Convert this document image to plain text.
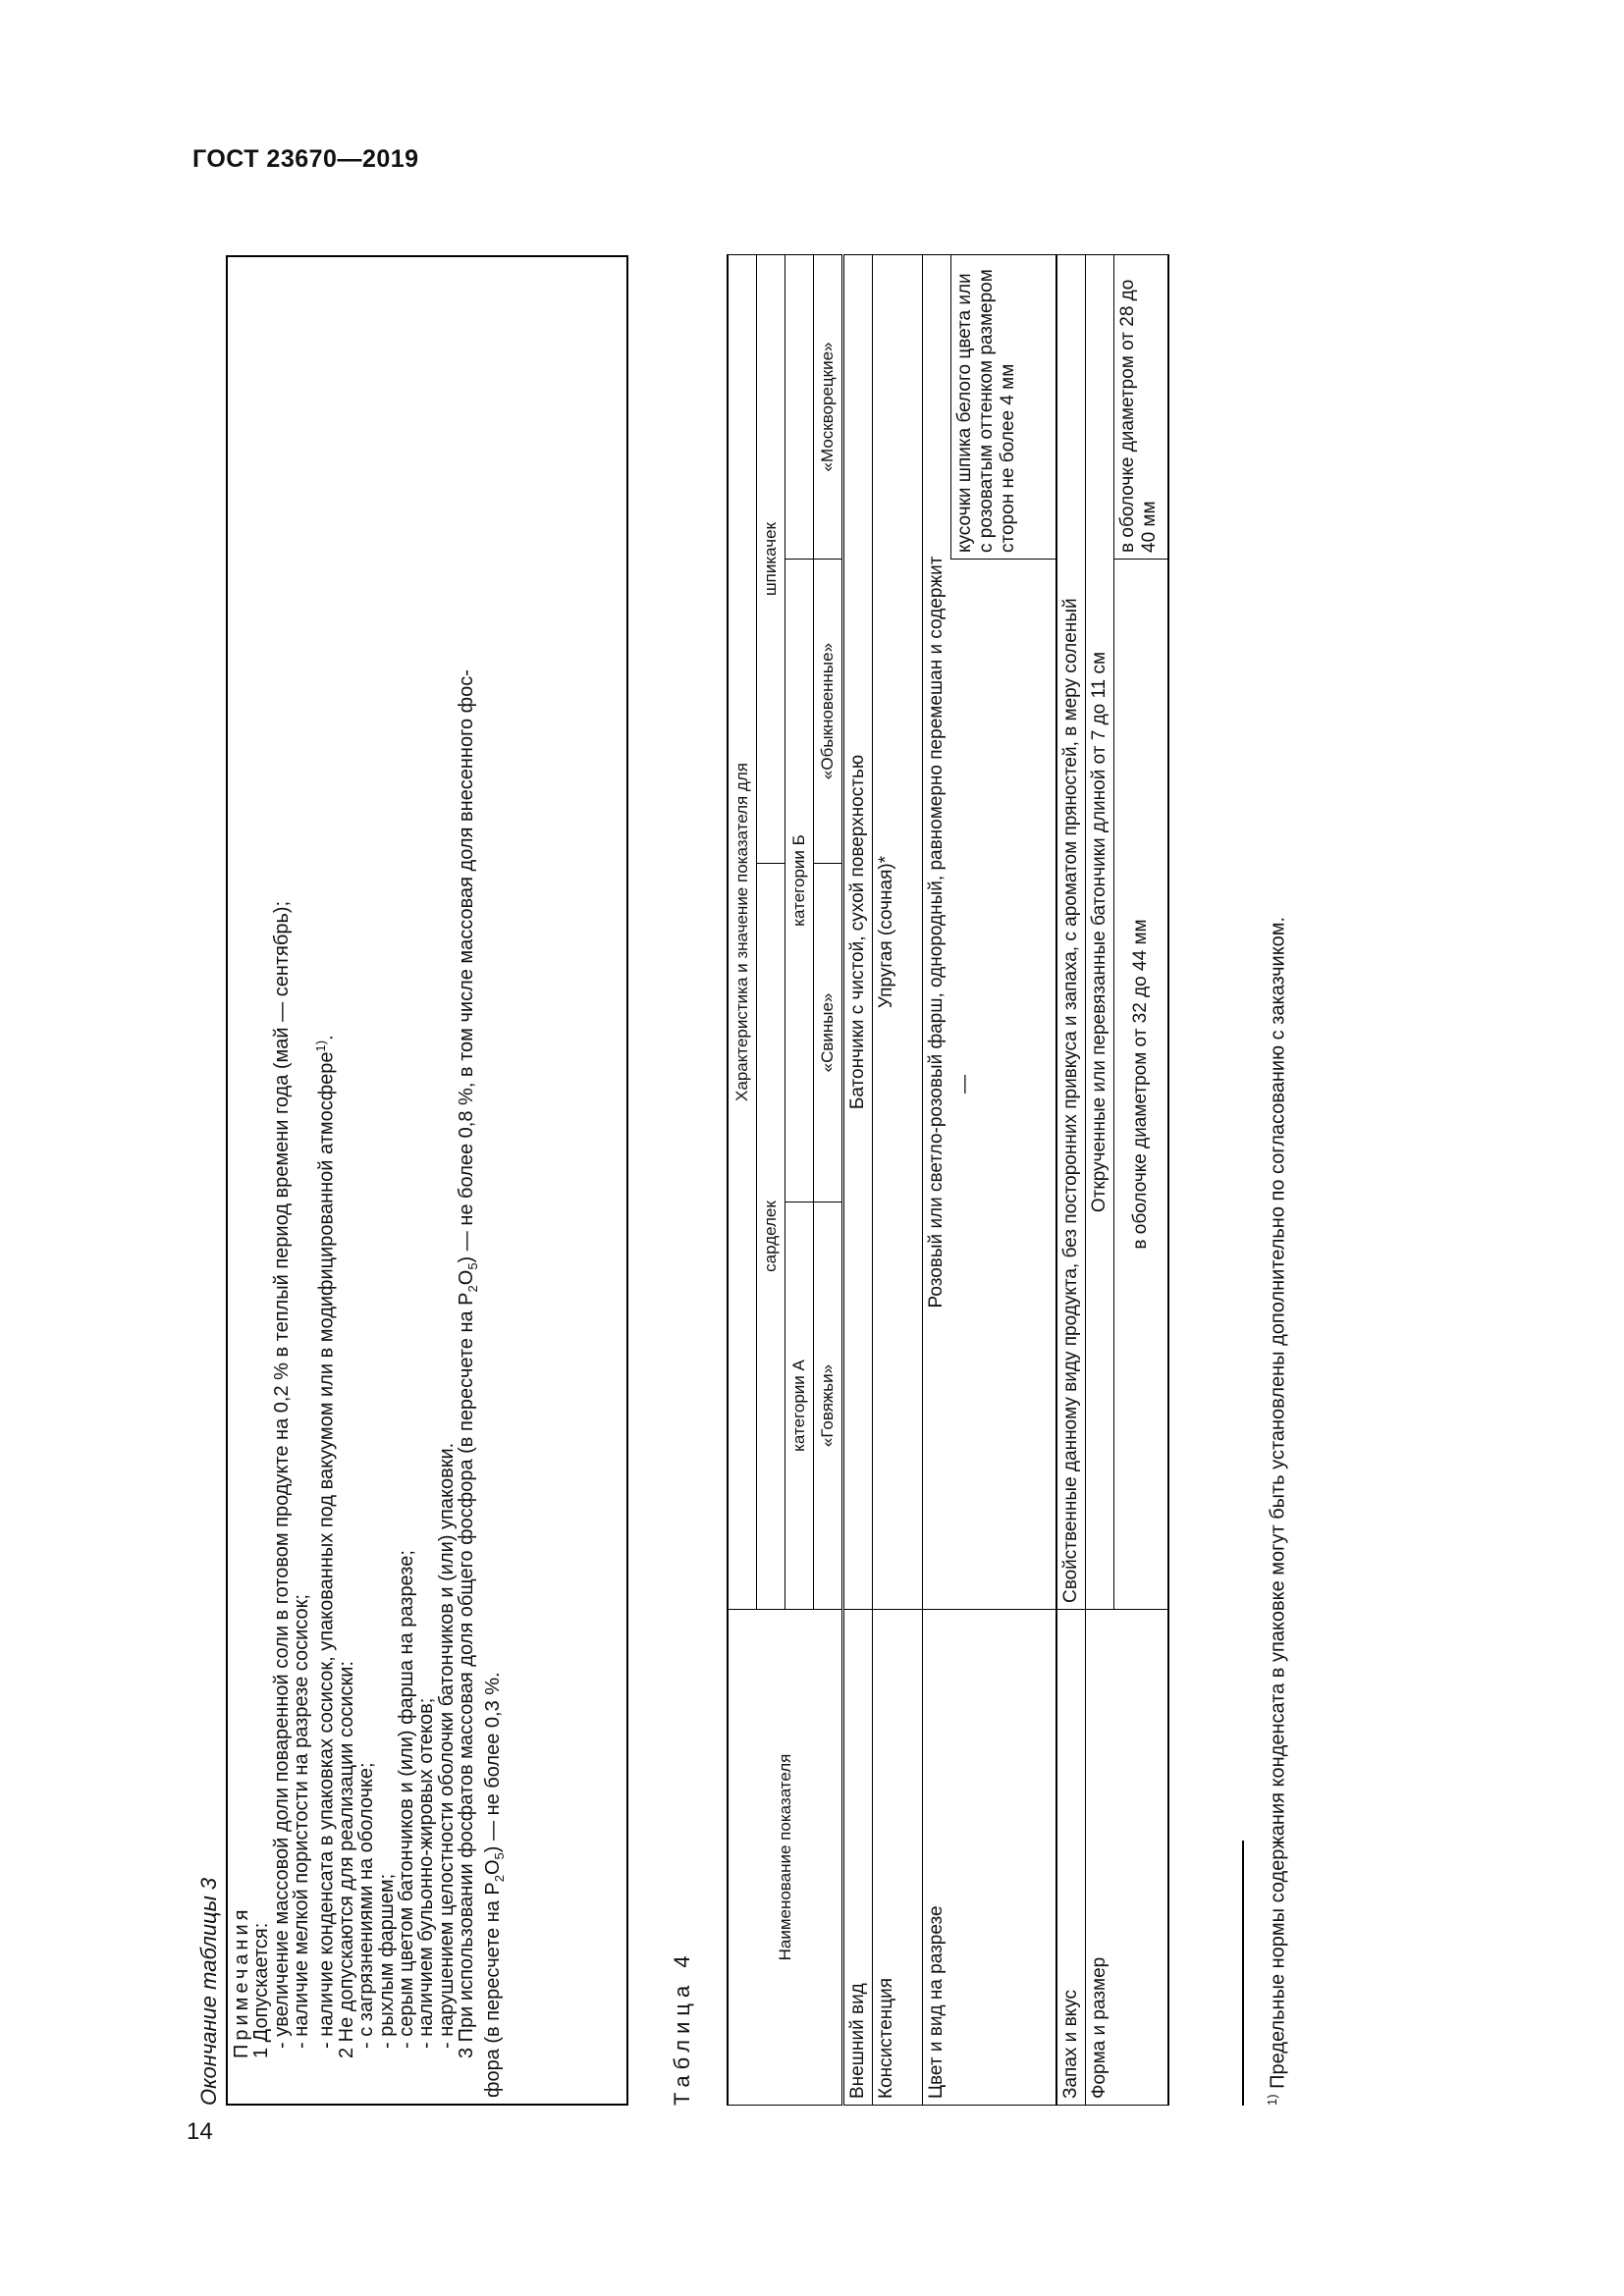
ГОСТ 23670—2019
14
Окончание таблицы 3 Примечания
1 Допускается:
- увеличение массовой доли поваренной соли в готовом продукте на 0,2 % в теплый период времени года (май — сентябрь);
- наличие мелкой пористости на разрезе сосисок; - наличие конденсата в упаковках сосисок, упакованных под вакуумом или в модифицированной атмосфере$^{1)}$.
2 Не допускаются для реализации сосиски:
- с загрязнениями на оболочке;
- рыхлым фаршем;
- серым цветом батончиков и (или) фарша на разрезе;
- наличием бульонно-жировых отеков;
- нарушением целостности оболочки батончиков и (или) упаковки.
3 При использовании фосфатов массовая доля общего фосфора (в пересчете на $P_2O_5$) — не более 0,8 %, в том числе массовая доля внесенного фос-
фора (в пересчете на $P_2O_5$) — не более 0,3 %.
Таблица 4
Наименование показателя	Характеристика и значение показателя для			
	сарделек		шпикачек	
	категории А	категории Б		
	«Говяжьи»	«Свиные»	«Обыкновенные»	«Москворецкие»
Внешний вид	Батончики с чистой, сухой поверхностью			
Консистенция	Упругая (сочная)*			
Цвет и вид на разрезе	Розовый или светло-розовый фарш, однородный, равномерно перемешан и содержит			
	—			кусочки шпика белого цвета или с розоватым оттенком размером сторон не более 4 мм
Запах и вкус	Свойственные данному виду продукта, без посторонних привкуса и запаха, с ароматом пряностей, в меру соленый			
Форма и размер	Открученные или перевязанные батончики длиной от 7 до 11 см			
	в оболочке диаметром от 32 до 44 мм			в оболочке диаметром от 28 до 40 мм
$^{1)}$ Предельные нормы содержания конденсата в упаковке могут быть установлены дополнительно по согласованию с заказчиком.
